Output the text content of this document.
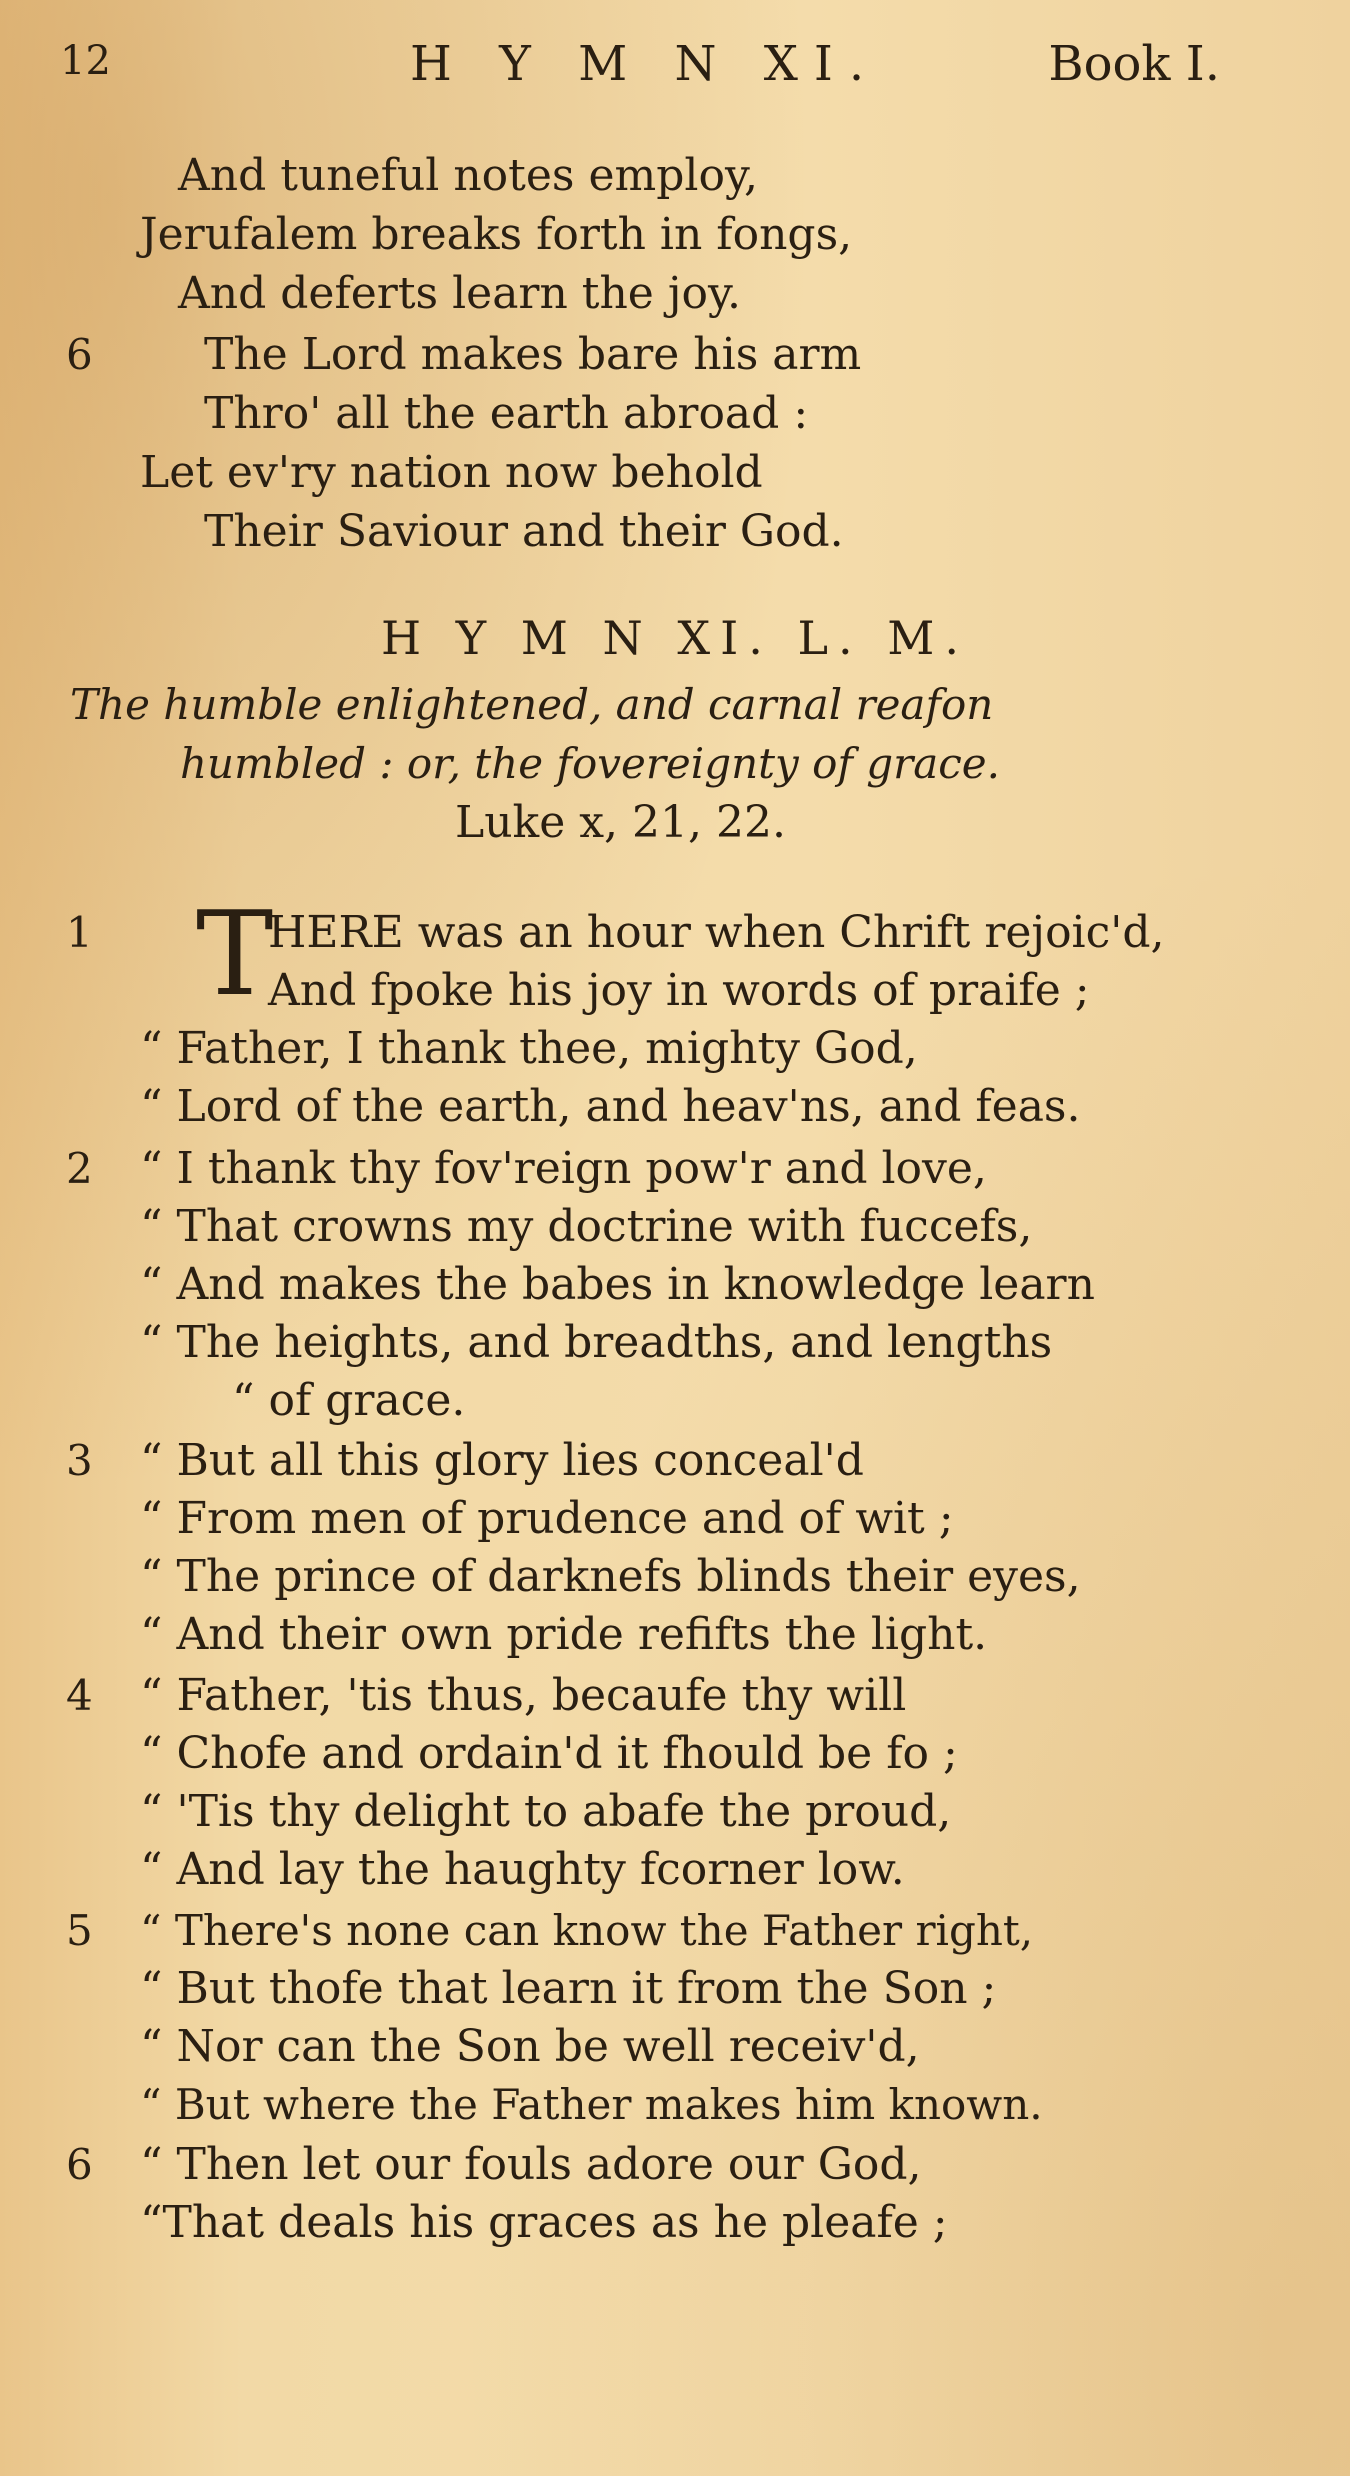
12	H Y M N XI.	Book I.
And tuneful notes employ,
Jerufalem breaks forth in fongs,
And deferts learn the joy.
6	The Lord makes bare his arm
Thro' all the earth abroad :
Let ev'ry nation now behold
Their Saviour and their God.
H Y M N XI. L. M.
The humble enlightened, and carnal reafon
humbled : or, the fovereignty of grace.
Luke x, 21, 22.
1 T
HERE was an hour when Chrift rejoic'd,
And fpoke his joy in words of praife ;
“ Father, I thank thee, mighty God,
“ Lord of the earth, and heav'ns, and feas.
2 “ I thank thy fov'reign pow'r and love,
“ That crowns my doctrine with fuccefs,
“ And makes the babes in knowledge learn
“ The heights, and breadths, and lengths
“ of grace.
3 “ But all this glory lies conceal'd
“ From men of prudence and of wit ;
“ The prince of darknefs blinds their eyes,
“ And their own pride refifts the light.
4 “ Father, 'tis thus, becaufe thy will
“ Chofe and ordain'd it fhould be fo ;
“ 'Tis thy delight to abafe the proud,
“ And lay the haughty fcorner low.
5 “ There's none can know the Father right,
“ But thofe that learn it from the Son ;
“ Nor can the Son be well receiv'd,
“ But where the Father makes him known.
6 “ Then let our fouls adore our God,
“That deals his graces as he pleafe ;
